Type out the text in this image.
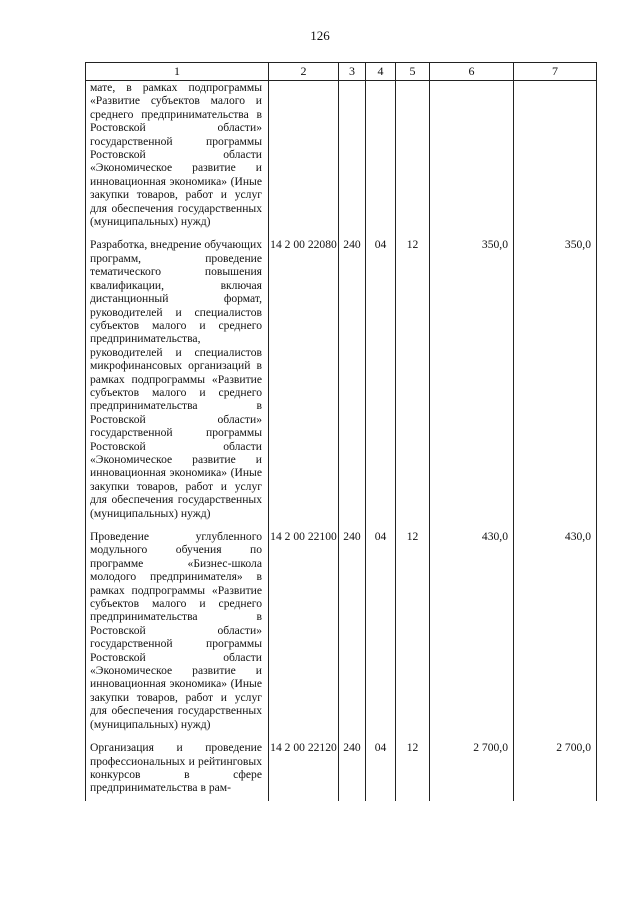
126
1	2	3	4	5	6	7
мате, в рамках подпрограммы «Развитие субъектов малого и среднего предпринимательства в Ростовской области» государственной программы Ростовской области «Экономическое развитие и инновационная экономика» (Иные закупки товаров, работ и услуг для обеспечения государственных (муниципальных) нужд)						
Разработка, внедрение обучающих программ, проведение тематического повышения квалификации, включая дистанционный формат, руководителей и специалистов субъектов малого и среднего предпринимательства, руководителей и специалистов микрофинансовых организаций в рамках подпрограммы «Развитие субъектов малого и среднего предпринимательства в Ростовской области» государственной программы Ростовской области «Экономическое развитие и инновационная экономика» (Иные закупки товаров, работ и услуг для обеспечения государственных (муниципальных) нужд)	14 2 00 22080	240	04	12	350,0	350,0
Проведение углубленного модульного обучения по программе «Бизнес-школа молодого предпринимателя» в рамках подпрограммы «Развитие субъектов малого и среднего предпринимательства в Ростовской области» государственной программы Ростовской области «Экономическое развитие и инновационная экономика» (Иные закупки товаров, работ и услуг для обеспечения государственных (муниципальных) нужд)	14 2 00 22100	240	04	12	430,0	430,0
Организация и проведение профессиональных и рейтинговых конкурсов в сфере предпринимательства в рам-	14 2 00 22120	240	04	12	2 700,0	2 700,0
